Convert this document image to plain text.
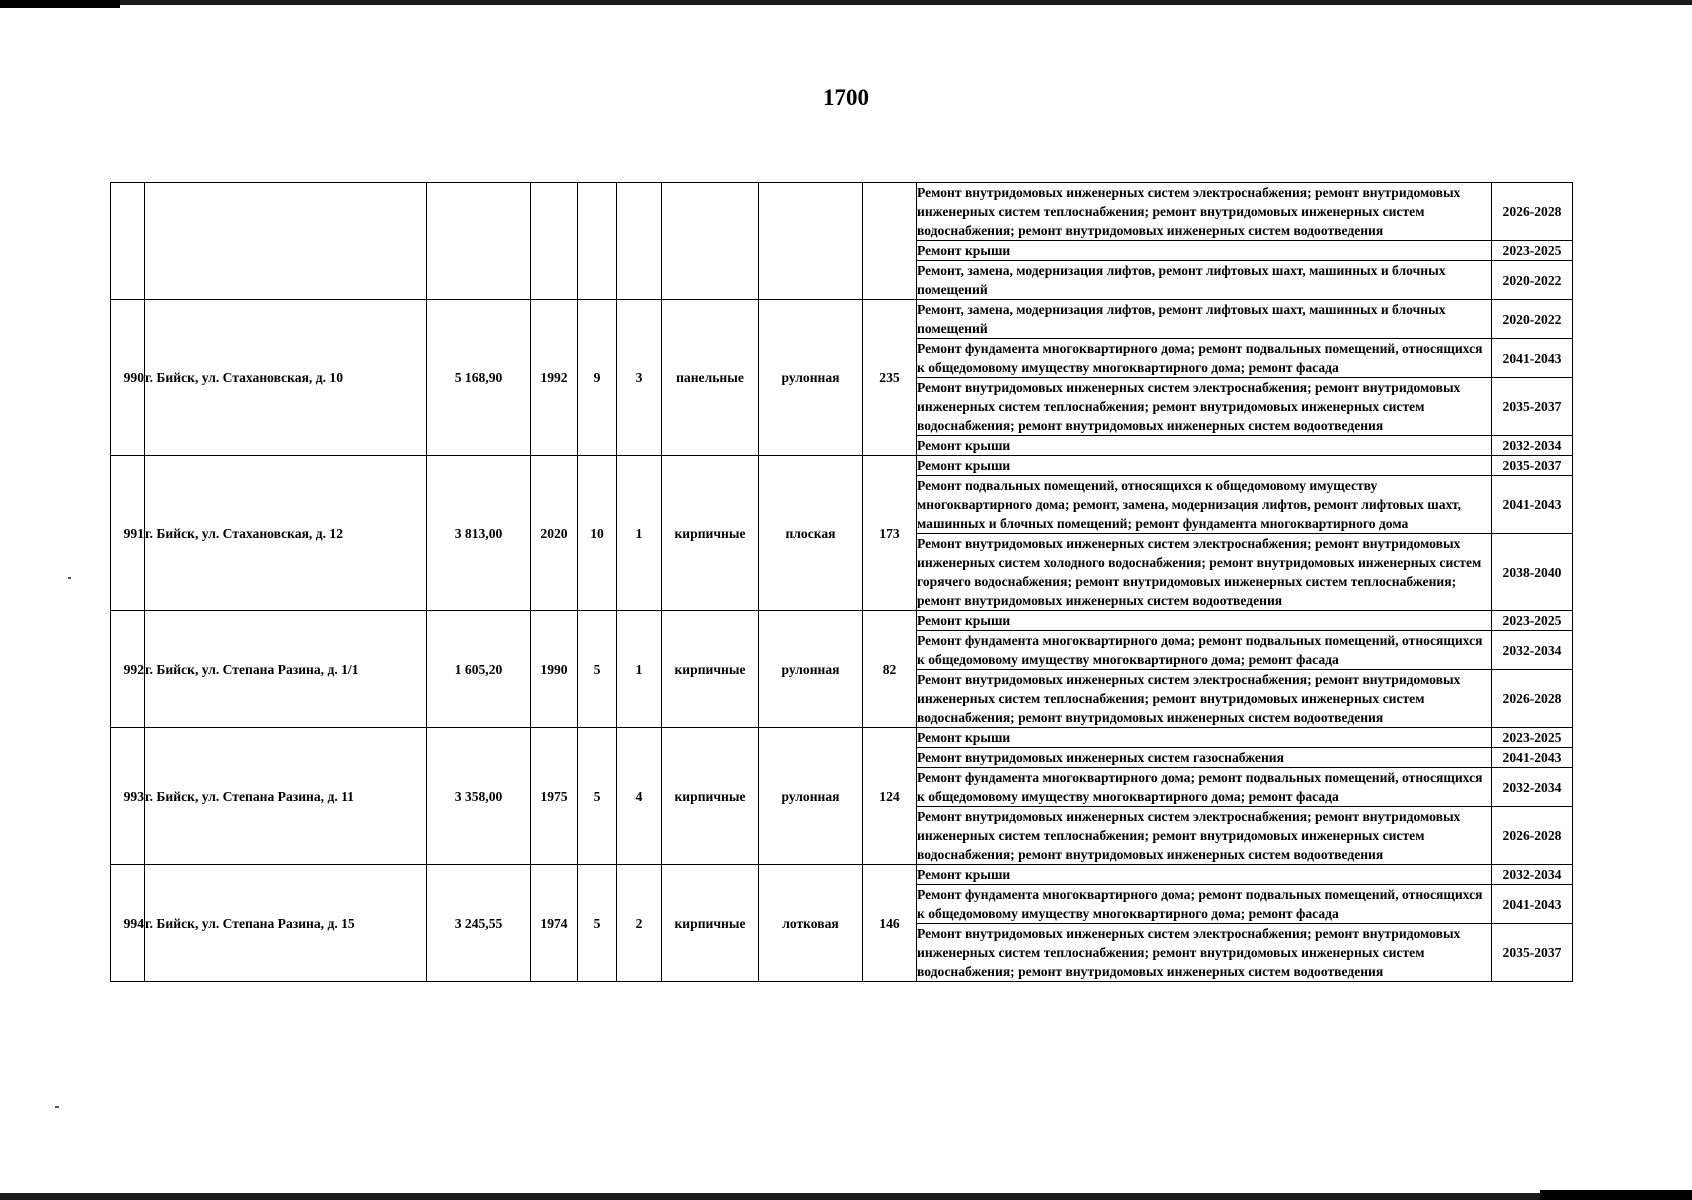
1700
									Ремонт внутридомовых инженерных систем электроснабжения; ремонт внутридомовых инженерных систем теплоснабжения; ремонт внутридомовых инженерных систем водоснабжения; ремонт внутридомовых инженерных систем водоотведения	2026-2028
									Ремонт крыши	2023-2025
									Ремонт, замена, модернизация лифтов, ремонт лифтовых шахт, машинных и блочных помещений	2020-2022
990	г. Бийск, ул. Стахановская, д. 10	5 168,90	1992	9	3	панельные	рулонная	235	Ремонт, замена, модернизация лифтов, ремонт лифтовых шахт, машинных и блочных помещений	2020-2022
									Ремонт фундамента многоквартирного дома; ремонт подвальных помещений, относящихся к общедомовому имуществу многоквартирного дома; ремонт фасада	2041-2043
									Ремонт внутридомовых инженерных систем электроснабжения; ремонт внутридомовых инженерных систем теплоснабжения; ремонт внутридомовых инженерных систем водоснабжения; ремонт внутридомовых инженерных систем водоотведения	2035-2037
									Ремонт крыши	2032-2034
991	г. Бийск, ул. Стахановская, д. 12	3 813,00	2020	10	1	кирпичные	плоская	173	Ремонт крыши	2035-2037
									Ремонт подвальных помещений, относящихся к общедомовому имуществу многоквартирного дома; ремонт, замена, модернизация лифтов, ремонт лифтовых шахт, машинных и блочных помещений; ремонт фундамента многоквартирного дома	2041-2043
									Ремонт внутридомовых инженерных систем электроснабжения; ремонт внутридомовых инженерных систем холодного водоснабжения; ремонт внутридомовых инженерных систем горячего водоснабжения; ремонт внутридомовых инженерных систем теплоснабжения; ремонт внутридомовых инженерных систем водоотведения	2038-2040
992	г. Бийск, ул. Степана Разина, д. 1/1	1 605,20	1990	5	1	кирпичные	рулонная	82	Ремонт крыши	2023-2025
									Ремонт фундамента многоквартирного дома; ремонт подвальных помещений, относящихся к общедомовому имуществу многоквартирного дома; ремонт фасада	2032-2034
									Ремонт внутридомовых инженерных систем электроснабжения; ремонт внутридомовых инженерных систем теплоснабжения; ремонт внутридомовых инженерных систем водоснабжения; ремонт внутридомовых инженерных систем водоотведения	2026-2028
993	г. Бийск, ул. Степана Разина, д. 11	3 358,00	1975	5	4	кирпичные	рулонная	124	Ремонт крыши	2023-2025
									Ремонт внутридомовых инженерных систем газоснабжения	2041-2043
									Ремонт фундамента многоквартирного дома; ремонт подвальных помещений, относящихся к общедомовому имуществу многоквартирного дома; ремонт фасада	2032-2034
									Ремонт внутридомовых инженерных систем электроснабжения; ремонт внутридомовых инженерных систем теплоснабжения; ремонт внутридомовых инженерных систем водоснабжения; ремонт внутридомовых инженерных систем водоотведения	2026-2028
994	г. Бийск, ул. Степана Разина, д. 15	3 245,55	1974	5	2	кирпичные	лотковая	146	Ремонт крыши	2032-2034
									Ремонт фундамента многоквартирного дома; ремонт подвальных помещений, относящихся к общедомовому имуществу многоквартирного дома; ремонт фасада	2041-2043
									Ремонт внутридомовых инженерных систем электроснабжения; ремонт внутридомовых инженерных систем теплоснабжения; ремонт внутридомовых инженерных систем водоснабжения; ремонт внутридомовых инженерных систем водоотведения	2035-2037
